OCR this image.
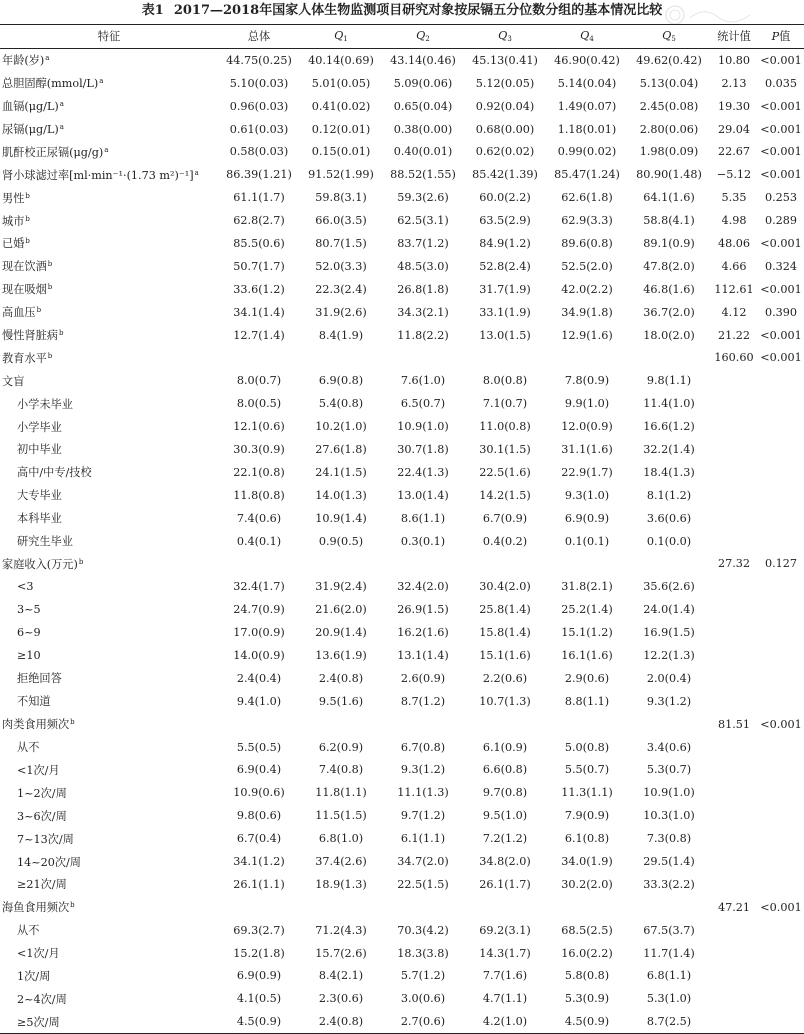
表1 2017—2018年国家人体生物监测项目研究对象按尿镉五分位数分组的基本情况比较
特征	总体	$Q_1$	$Q_2$	$Q_3$	$Q_4$	$Q_5$	统计值	P值
年龄(岁)$^a$	44.75(0.25)	40.14(0.69)	43.14(0.46)	45.13(0.41)	46.90(0.42)	49.62(0.42)	10.80	<0.001
总胆固醇(mmol/L)$^a$	5.10(0.03)	5.01(0.05)	5.09(0.06)	5.12(0.05)	5.14(0.04)	5.13(0.04)	2.13	0.035
血镉$(\mu g/L)^a$	0.96(0.03)	0.41(0.02)	0.65(0.04)	0.92(0.04)	1.49(0.07)	2.45(0.08)	19.30	<0.001
尿镉$(\mu g/L)^a$	0.61(0.03)	0.12(0.01)	0.38(0.00)	0.68(0.00)	1.18(0.01)	2.80(0.06)	29.04	<0.001
肌酐校正尿镉$(\mu g/g)^a$	0.58(0.03)	0.15(0.01)	0.40(0.01)	0.62(0.02)	0.99(0.02)	1.98(0.09)	22.67	<0.001
肾小球滤过率[ml·min⁻¹·(1.73 m²)⁻¹]$^a$	86.39(1.21)	91.52(1.99)	88.52(1.55)	85.42(1.39)	85.47(1.24)	80.90(1.48)	−5.12	<0.001
男性$^b$	61.1(1.7)	59.8(3.1)	59.3(2.6)	60.0(2.2)	62.6(1.8)	64.1(1.6)	5.35	0.253
城市$^b$	62.8(2.7)	66.0(3.5)	62.5(3.1)	63.5(2.9)	62.9(3.3)	58.8(4.1)	4.98	0.289
已婚$^b$	85.5(0.6)	80.7(1.5)	83.7(1.2)	84.9(1.2)	89.6(0.8)	89.1(0.9)	48.06	<0.001
现在饮酒$^b$	50.7(1.7)	52.0(3.3)	48.5(3.0)	52.8(2.4)	52.5(2.0)	47.8(2.0)	4.66	0.324
现在吸烟$^b$	33.6(1.2)	22.3(2.4)	26.8(1.8)	31.7(1.9)	42.0(2.2)	46.8(1.6)	112.61	<0.001
高血压$^b$	34.1(1.4)	31.9(2.6)	34.3(2.1)	33.1(1.9)	34.9(1.8)	36.7(2.0)	4.12	0.390
慢性肾脏病$^b$	12.7(1.4)	8.4(1.9)	11.8(2.2)	13.0(1.5)	12.9(1.6)	18.0(2.0)	21.22	<0.001
教育水平$^b$							160.60	<0.001
文盲	8.0(0.7)	6.9(0.8)	7.6(1.0)	8.0(0.8)	7.8(0.9)	9.8(1.1)		
小学未毕业	8.0(0.5)	5.4(0.8)	6.5(0.7)	7.1(0.7)	9.9(1.0)	11.4(1.0)		
小学毕业	12.1(0.6)	10.2(1.0)	10.9(1.0)	11.0(0.8)	12.0(0.9)	16.6(1.2)		
初中毕业	30.3(0.9)	27.6(1.8)	30.7(1.8)	30.1(1.5)	31.1(1.6)	32.2(1.4)		
高中/中专/技校	22.1(0.8)	24.1(1.5)	22.4(1.3)	22.5(1.6)	22.9(1.7)	18.4(1.3)		
大专毕业	11.8(0.8)	14.0(1.3)	13.0(1.4)	14.2(1.5)	9.3(1.0)	8.1(1.2)		
本科毕业	7.4(0.6)	10.9(1.4)	8.6(1.1)	6.7(0.9)	6.9(0.9)	3.6(0.6)		
研究生毕业	0.4(0.1)	0.9(0.5)	0.3(0.1)	0.4(0.2)	0.1(0.1)	0.1(0.0)		
家庭收入(万元)$^b$							27.32	0.127
<3	32.4(1.7)	31.9(2.4)	32.4(2.0)	30.4(2.0)	31.8(2.1)	35.6(2.6)		
3~5	24.7(0.9)	21.6(2.0)	26.9(1.5)	25.8(1.4)	25.2(1.4)	24.0(1.4)		
6~9	17.0(0.9)	20.9(1.4)	16.2(1.6)	15.8(1.4)	15.1(1.2)	16.9(1.5)		
≥10	14.0(0.9)	13.6(1.9)	13.1(1.4)	15.1(1.6)	16.1(1.6)	12.2(1.3)		
拒绝回答	2.4(0.4)	2.4(0.8)	2.6(0.9)	2.2(0.6)	2.9(0.6)	2.0(0.4)		
不知道	9.4(1.0)	9.5(1.6)	8.7(1.2)	10.7(1.3)	8.8(1.1)	9.3(1.2)		
肉类食用频次$^b$							81.51	<0.001
从不	5.5(0.5)	6.2(0.9)	6.7(0.8)	6.1(0.9)	5.0(0.8)	3.4(0.6)		
<1次/月	6.9(0.4)	7.4(0.8)	9.3(1.2)	6.6(0.8)	5.5(0.7)	5.3(0.7)		
1~2次/周	10.9(0.6)	11.8(1.1)	11.1(1.3)	9.7(0.8)	11.3(1.1)	10.9(1.0)		
3~6次/周	9.8(0.6)	11.5(1.5)	9.7(1.2)	9.5(1.0)	7.9(0.9)	10.3(1.0)		
7~13次/周	6.7(0.4)	6.8(1.0)	6.1(1.1)	7.2(1.2)	6.1(0.8)	7.3(0.8)		
14~20次/周	34.1(1.2)	37.4(2.6)	34.7(2.0)	34.8(2.0)	34.0(1.9)	29.5(1.4)		
≥21次/周	26.1(1.1)	18.9(1.3)	22.5(1.5)	26.1(1.7)	30.2(2.0)	33.3(2.2)		
海鱼食用频次$^b$							47.21	<0.001
从不	69.3(2.7)	71.2(4.3)	70.3(4.2)	69.2(3.1)	68.5(2.5)	67.5(3.7)		
<1次/月	15.2(1.8)	15.7(2.6)	18.3(3.8)	14.3(1.7)	16.0(2.2)	11.7(1.4)		
1次/周	6.9(0.9)	8.4(2.1)	5.7(1.2)	7.7(1.6)	5.8(0.8)	6.8(1.1)		
2~4次/周	4.1(0.5)	2.3(0.6)	3.0(0.6)	4.7(1.1)	5.3(0.9)	5.3(1.0)		
≥5次/周	4.5(0.9)	2.4(0.8)	2.7(0.6)	4.2(1.0)	4.5(0.9)	8.7(2.5)		
